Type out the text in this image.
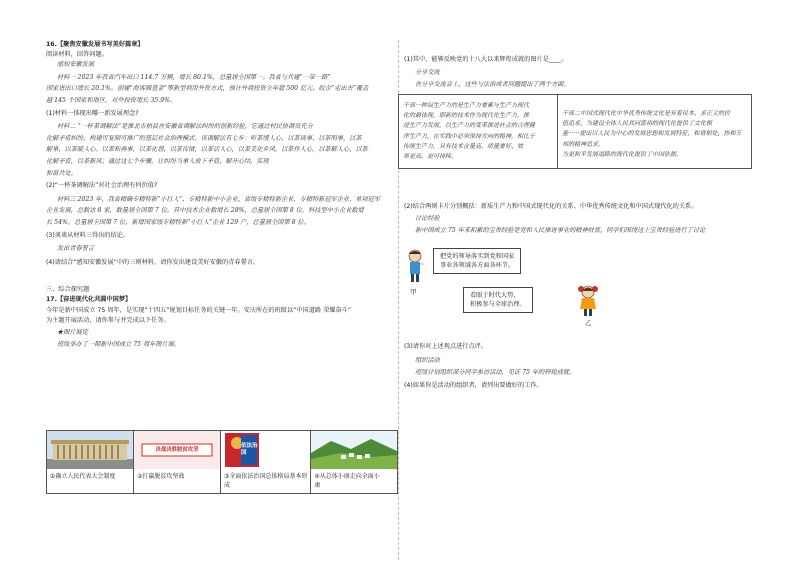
16.【聚焦安徽发展书写美好篇章】

阅读材料，回答问题。

感知安徽发展

材料一 2023 年我省汽车出口 114.7 万辆，增长 80.1%，总量居全国第一。我省与共建“一带一路”

国家进出口增长 20.1%。创建“海客圈基金”等新型利用外资方式，预计外商投资全年超 500 亿元。皖企“走出去”覆盖

越 145 个国家和地区，对外投资增长 35.9%。

(1)材料一体现出哪一新发展理念?

材料二 “一杯茶调解法”是淮北市梧县在安徽省调解法纠纷的创新经验，它通过村民协调员充分

化解矛盾纠纷，构建可复制可推广的基层社会治理模式。该调解法有七步：听茶缓人心、以茶谈事、以茶明事，以茶

解事，以茶暖人心。以茶和善事，以茶化怨，以茶传情，以茶话人心，以茶美化乡风，以茶作人心，以茶解人心，以茶

化解矛盾，以茶新风；通过这七个步骤，让纠纷当事人放下矛盾，解开心结，实现

和谐共处。

(2)“一杯茶调解法”对社会治理有何价值?

材料三 2023 年，我省精确专精特新“小巨人”、专精特新中小企业、省级专精特新企业、专精特新冠军企业、单项冠军

企业发展，总数达 8 家，数量居全国第 7 位。其中技术企业数增长 28%，总量居全国第 8 位，科技型中小企业数增

长 54%，总量居全国第 7 位，新增国家级专精特新“小巨人”企业 129 户，总量居全国第 8 位。

(3)谈谈从材料三得出的结论。

发出青春誓言

(4)请结合“感知安徽发展”中的三则材料，请你发出建设美好安徽的青春誓言。

三、综合探究题

17.【奋进现代化共圆中国梦】

今年是新中国成立 75 周年，是实现“十四五”规划目标任务的关键一年。安庆所在的班级以“中国道路 荣耀奋斗”

为主题开展活动，请你参与并完成以下任务。

★图片展览

班级举办了一期新中国成立 75 周年图片展。

①确立人民代表大会制度

决战决胜脱贫攻坚
②打赢脱贫攻坚战

依法治国
③全面依法治国总体格局基本形
成

④从总体小康走向全面小
康

(1)其中，能够反映党的十八大以来辉煌成就的图片是____。

分享交流

在分享交流会上，这些与法治或者问题提出了两个方面。

干部一种层生产力的是生产力要素与生产力现代
化的最体现，即新的技术作为现代化生产力，推
进生产力发展，以生产力的变革推进社会的合理健
序生产力，在实践中必须保持方向的精神，相比于
传统生产力，具有技术含量高、质量要好、效
率更高、更可持续。

干部二中国式现代化中华优秀传统文化是有着民本、求正义的价
值追求，为建设全体人民共同富裕的现代化提供了文化根
基······提出以人民为中心的发展思想和发展特征，和谐相处，协和万邦的精神追求，
为更和平发展道路的现代化提供了中国依据。

(2)结合两则卡片分别概括：新质生产力和中国式现代化的关系、中华优秀传统文化和中国式现代化的关系。

讨论经验

新中国成立 75 年来积累的宝贵经验是党和人民推进事业的精神财富，同学们围绕这上宝贵经验进行了讨论

甲
把党的领导落实到党和国家
事业各领域各方面各环节。
看眼于时代大势，
积极参与全球治理。
乙

(3)请你对上述观点进行点评。

组织活动

班级计划组织部分同学参访活动，见证 75 年的辉煌成就。

(4)如果你是活动的组织者，请列出要做好的工作。
